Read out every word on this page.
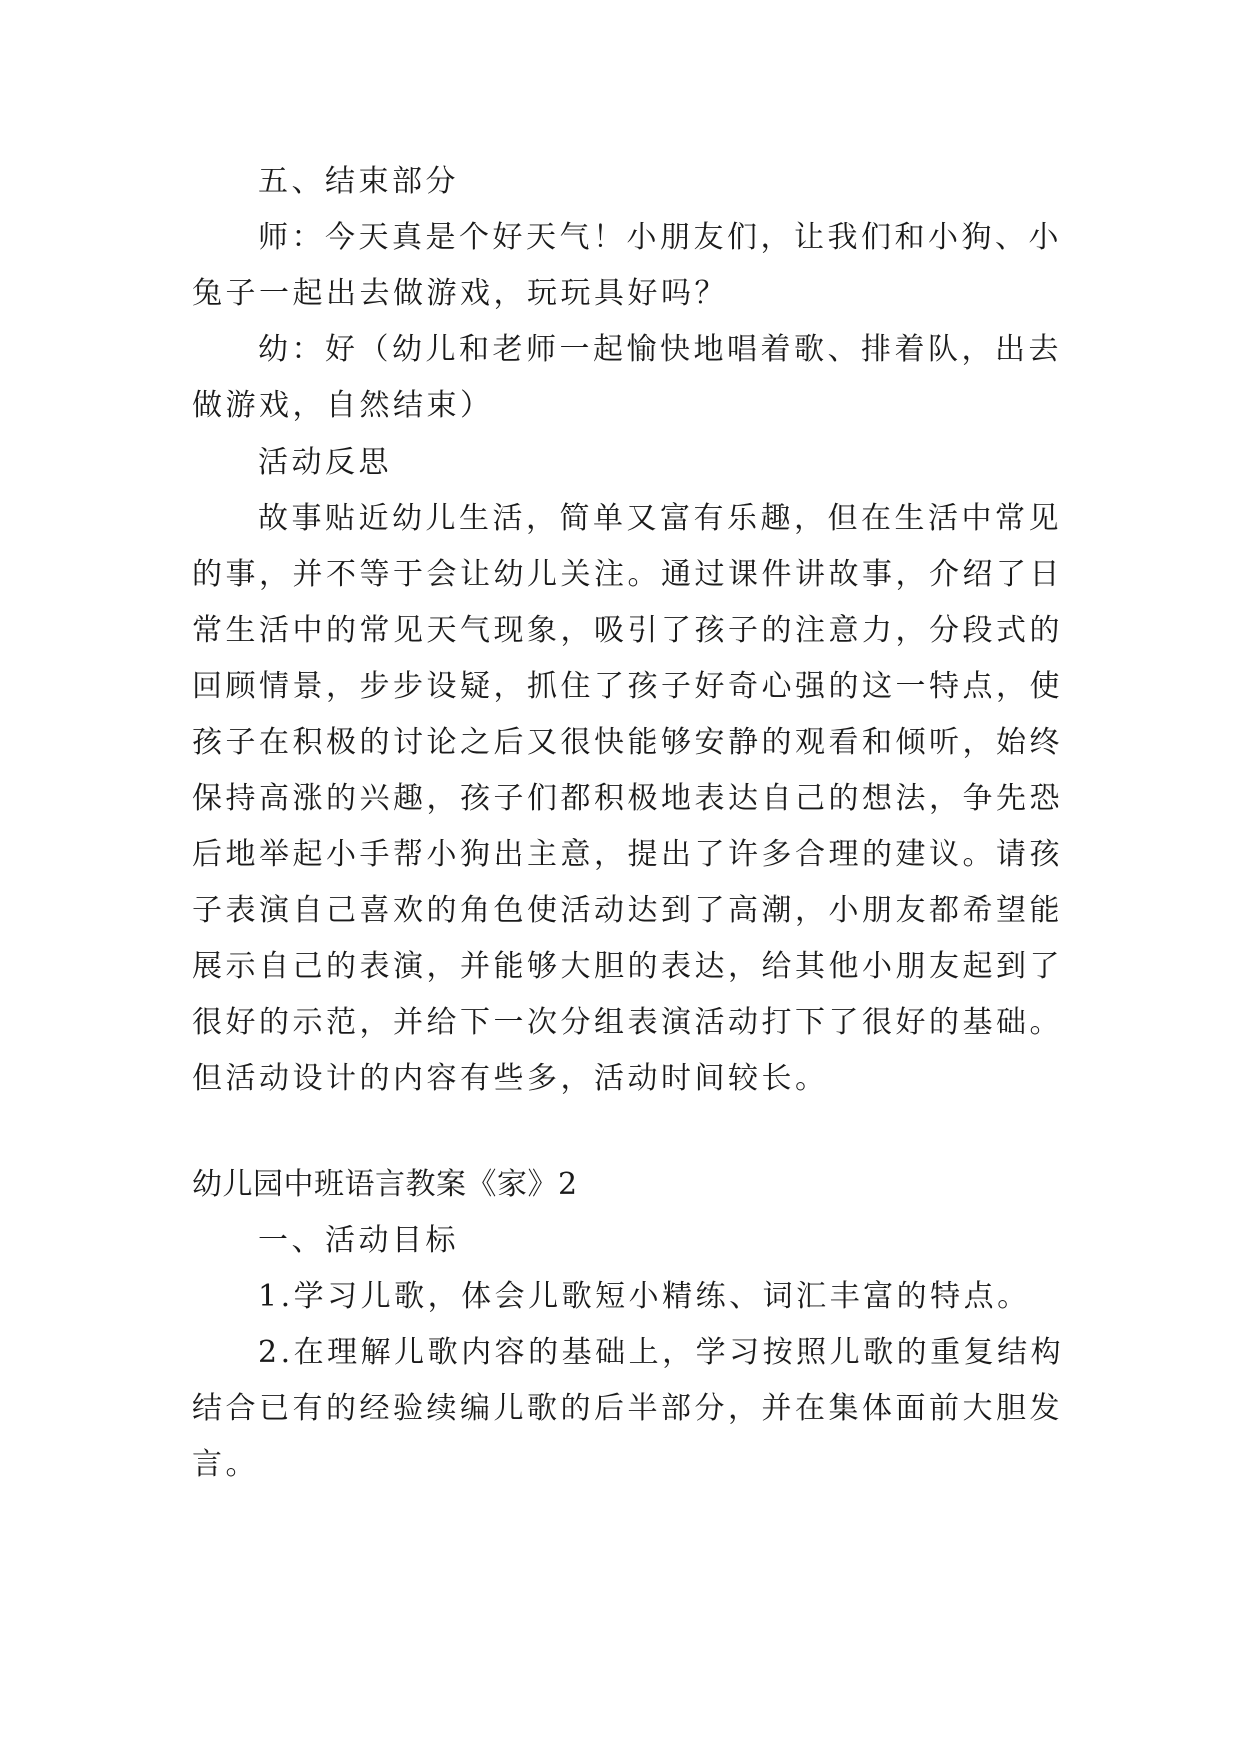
五、结束部分

师：今天真是个好天气！小朋友们，让我们和小狗、小

兔子一起出去做游戏，玩玩具好吗？

幼：好（幼儿和老师一起愉快地唱着歌、排着队，出去

做游戏，自然结束）

活动反思

故事贴近幼儿生活，简单又富有乐趣，但在生活中常见

的事，并不等于会让幼儿关注。通过课件讲故事，介绍了日

常生活中的常见天气现象，吸引了孩子的注意力，分段式的

回顾情景，步步设疑，抓住了孩子好奇心强的这一特点，使

孩子在积极的讨论之后又很快能够安静的观看和倾听，始终

保持高涨的兴趣，孩子们都积极地表达自己的想法，争先恐

后地举起小手帮小狗出主意，提出了许多合理的建议。请孩

子表演自己喜欢的角色使活动达到了高潮，小朋友都希望能

展示自己的表演，并能够大胆的表达，给其他小朋友起到了

很好的示范，并给下一次分组表演活动打下了很好的基础。

但活动设计的内容有些多，活动时间较长。

幼儿园中班语言教案《家》2

一、活动目标

1.学习儿歌，体会儿歌短小精练、词汇丰富的特点。

2.在理解儿歌内容的基础上，学习按照儿歌的重复结构

结合已有的经验续编儿歌的后半部分，并在集体面前大胆发

言。
